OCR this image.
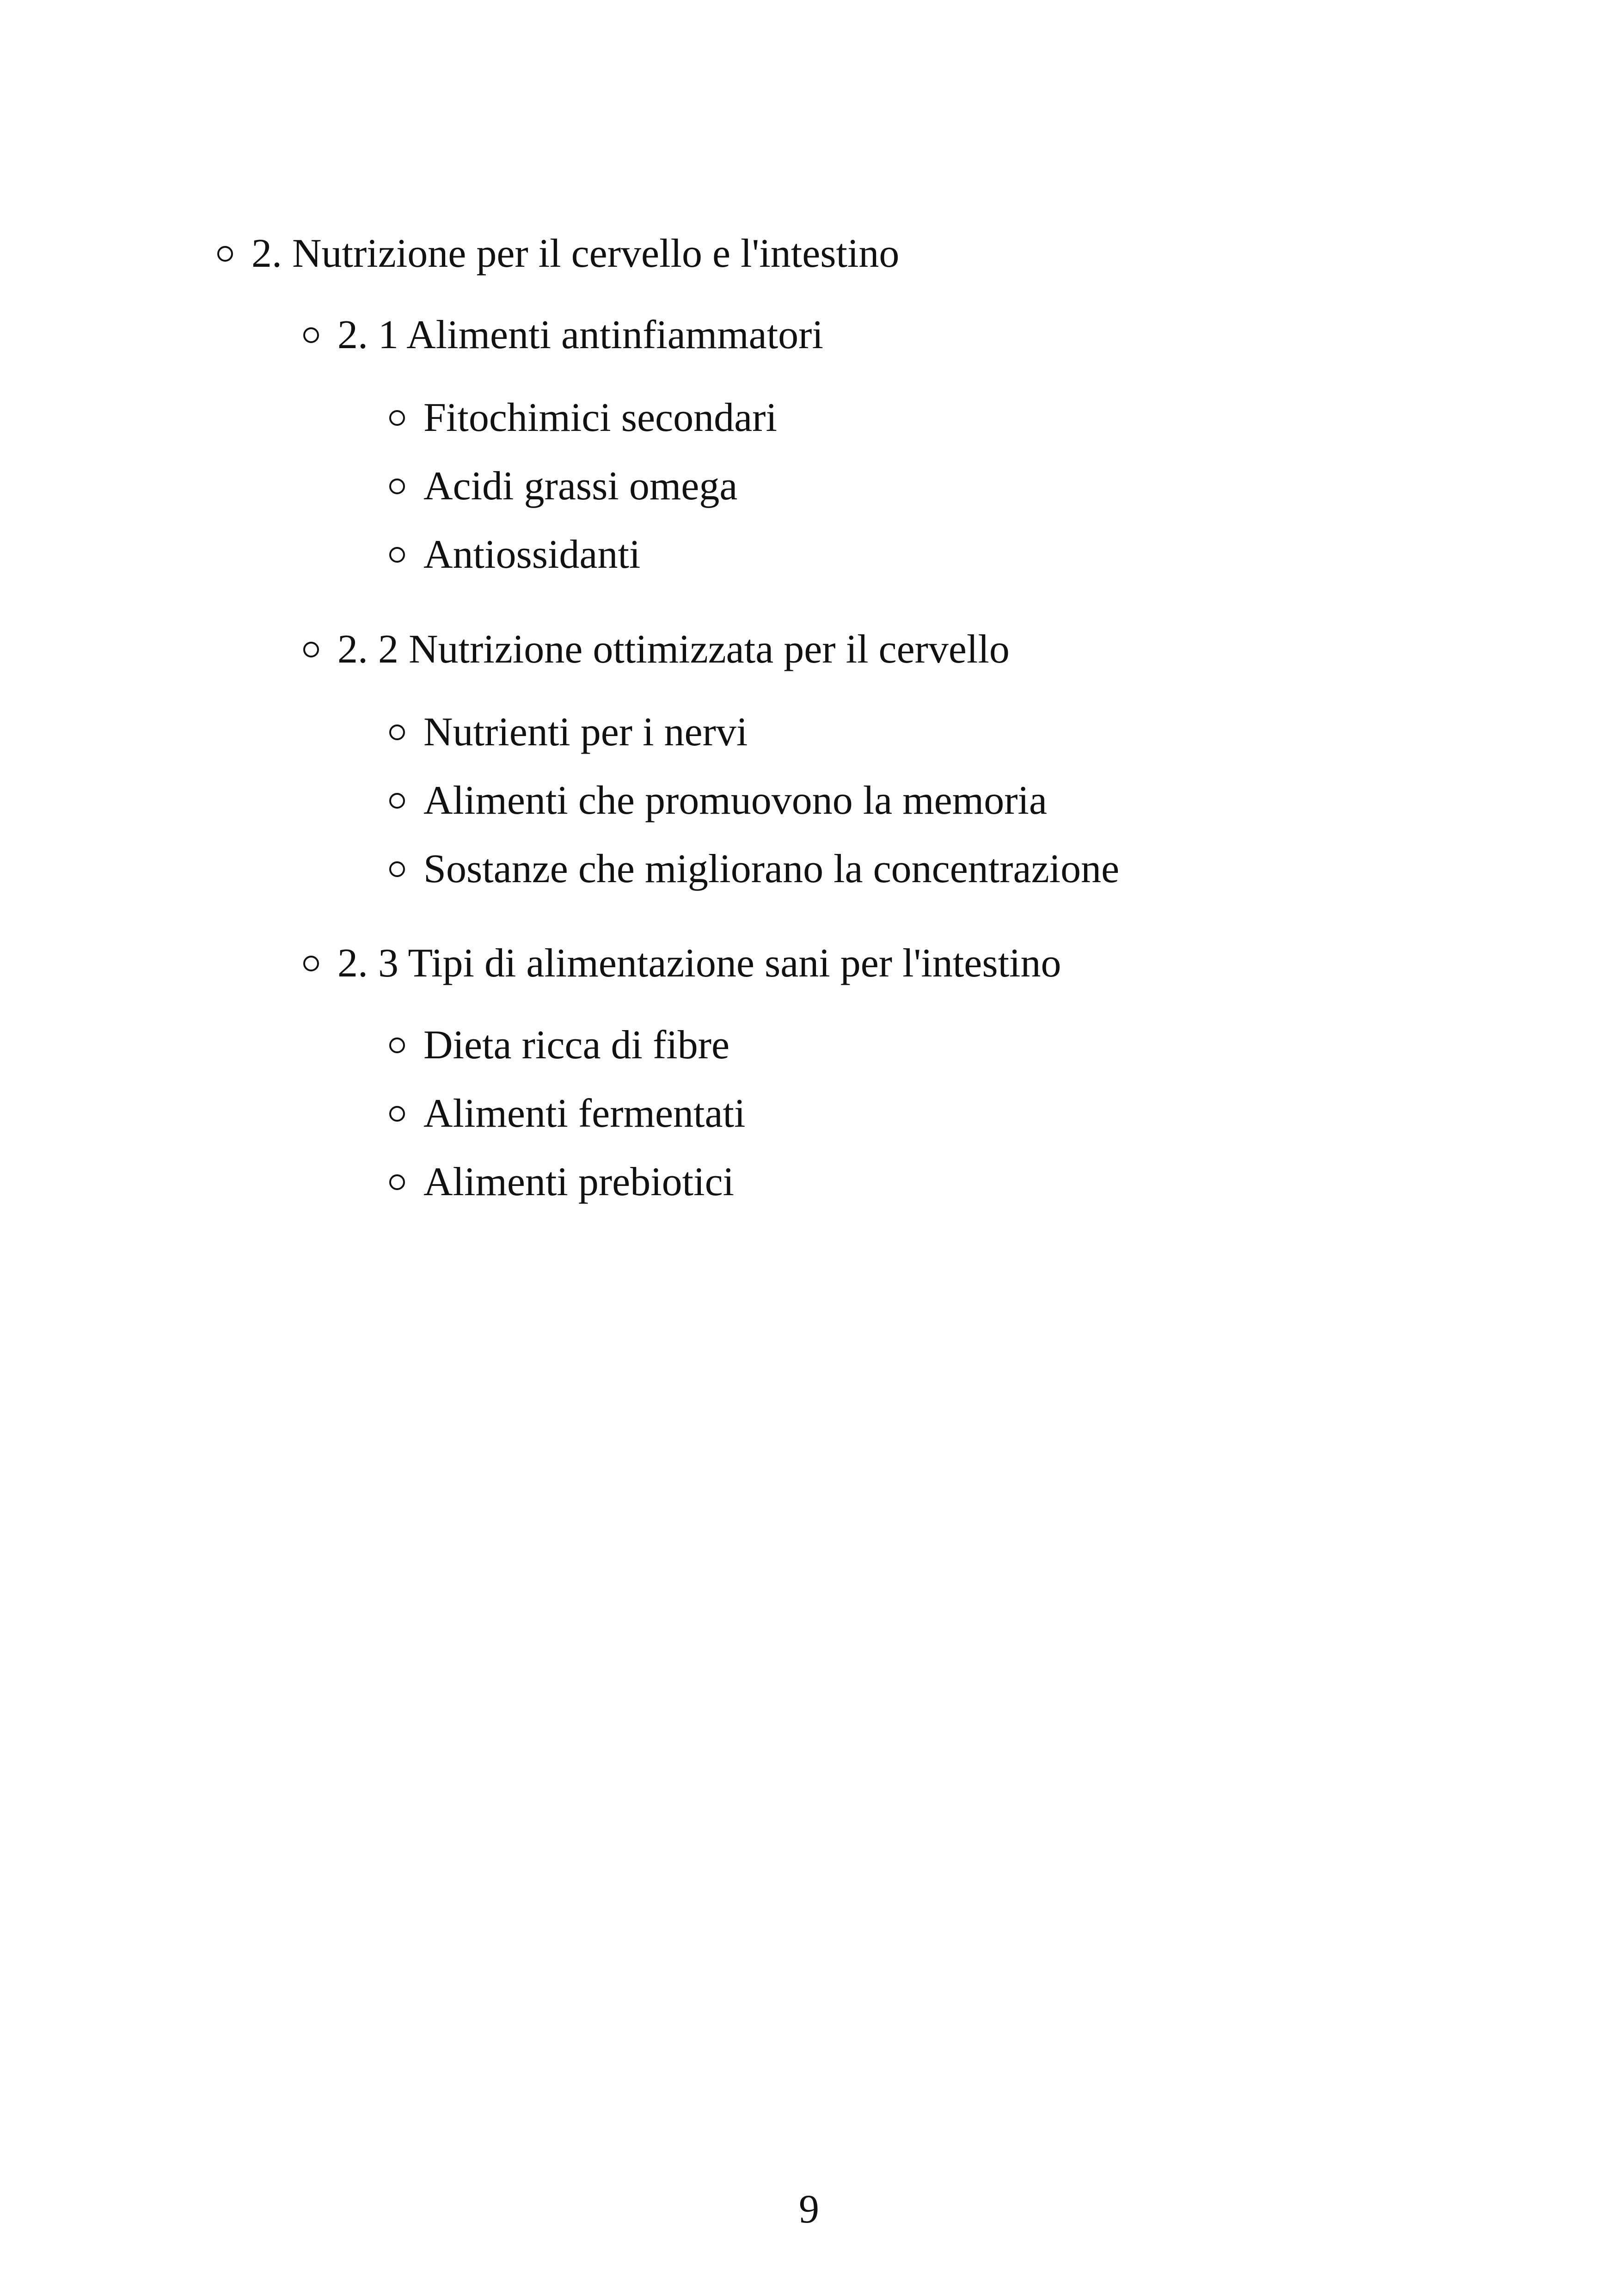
2. Nutrizione per il cervello e l'intestino
2. 1 Alimenti antinfiammatori
Fitochimici secondari
Acidi grassi omega
Antiossidanti
2. 2 Nutrizione ottimizzata per il cervello
Nutrienti per i nervi
Alimenti che promuovono la memoria
Sostanze che migliorano la concentrazione
2. 3 Tipi di alimentazione sani per l'intestino
Dieta ricca di fibre
Alimenti fermentati
Alimenti prebiotici
9
